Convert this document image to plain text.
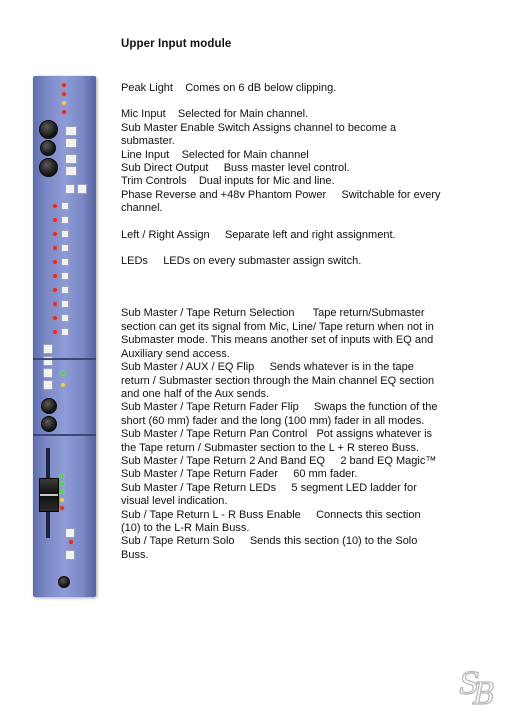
Upper Input module

Peak Light Comes on 6 dB below clipping.

Mic Input Selected for Main channel.

Sub Master Enable Switch Assigns channel to become a submaster.

Line Input Selected for Main channel

Sub Direct Output Buss master level control.

Trim Controls Dual inputs for Mic and line.

Phase Reverse and +48v Phantom Power Switchable for every channel.

Left / Right Assign Separate left and right assignment.

LEDs LEDs on every submaster assign switch.

Sub Master / Tape Return Selection Tape return/Submaster section can get its signal from Mic, Line/ Tape return when not in Submaster mode. This means another set of inputs with EQ and Auxiliary send access.

Sub Master / AUX / EQ Flip Sends whatever is in the tape return / Submaster section through the Main channel EQ section and one half of the Aux sends.

Sub Master / Tape Return Fader Flip Swaps the function of the short (60 mm) fader and the long (100 mm) fader in all modes.

Sub Master / Tape Return Pan Control Pot assigns whatever is the Tape return / Submaster section to the L + R stereo Buss.

Sub Master / Tape Return 2 And Band EQ 2 band EQ Magic™

Sub Master / Tape Return Fader 60 mm fader.

Sub Master / Tape Return LEDs 5 segment LED ladder for visual level indication.

Sub / Tape Return L - R Buss Enable Connects this section (10) to the L-R Main Buss.

Sub / Tape Return Solo Sends this section (10) to the Solo Buss.

S
B
